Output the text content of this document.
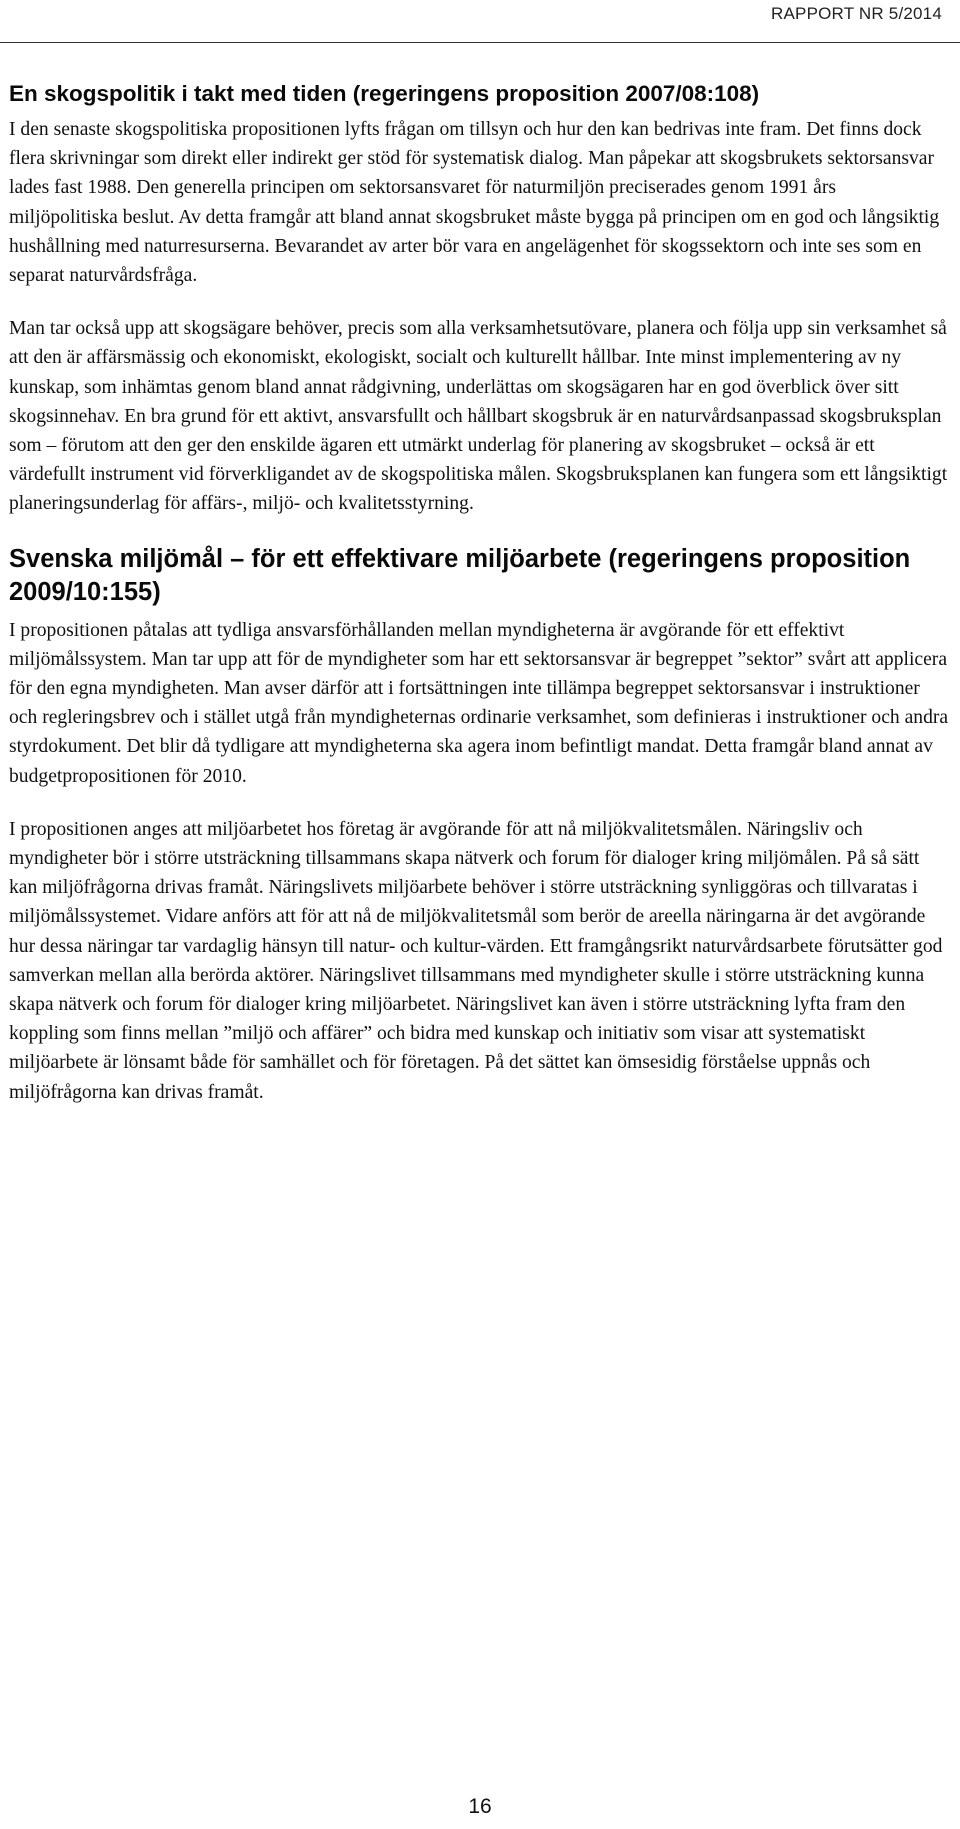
RAPPORT NR 5/2014
En skogspolitik i takt med tiden (regeringens proposition 2007/08:108)

I den senaste skogspolitiska propositionen lyfts frågan om tillsyn och hur den kan bedrivas inte fram. Det finns dock flera skrivningar som direkt eller indirekt ger stöd för systematisk dialog. Man påpekar att skogsbrukets sektorsansvar lades fast 1988. Den generella principen om sektorsansvaret för naturmiljön preciserades genom 1991 års miljöpolitiska beslut. Av detta framgår att bland annat skogsbruket måste bygga på principen om en god och långsiktig hushållning med naturresurserna. Bevarandet av arter bör vara en angelägenhet för skogssektorn och inte ses som en separat naturvårdsfråga.

Man tar också upp att skogsägare behöver, precis som alla verksamhetsutövare, planera och följa upp sin verksamhet så att den är affärsmässig och ekonomiskt, ekologiskt, socialt och kulturellt hållbar. Inte minst implementering av ny kunskap, som inhämtas genom bland annat rådgivning, underlättas om skogsägaren har en god överblick över sitt skogsinnehav. En bra grund för ett aktivt, ansvarsfullt och hållbart skogsbruk är en naturvårdsanpassad skogsbruksplan som – förutom att den ger den enskilde ägaren ett utmärkt underlag för planering av skogsbruket – också är ett värdefullt instrument vid förverkligandet av de skogspolitiska målen. Skogsbruksplanen kan fungera som ett långsiktigt planeringsunderlag för affärs-, miljö- och kvalitetsstyrning.

Svenska miljömål – för ett effektivare miljöarbete (regeringens proposition 2009/10:155)

I propositionen påtalas att tydliga ansvarsförhållanden mellan myndigheterna är avgörande för ett effektivt miljömålssystem. Man tar upp att för de myndigheter som har ett sektorsansvar är begreppet ”sektor” svårt att applicera för den egna myndigheten. Man avser därför att i fortsättningen inte tillämpa begreppet sektorsansvar i instruktioner och regleringsbrev och i stället utgå från myndigheternas ordinarie verksamhet, som definieras i instruktioner och andra styrdokument. Det blir då tydligare att myndigheterna ska agera inom befintligt mandat. Detta framgår bland annat av budgetpropositionen för 2010.

I propositionen anges att miljöarbetet hos företag är avgörande för att nå miljökvalitetsmålen. Näringsliv och myndigheter bör i större utsträckning tillsammans skapa nätverk och forum för dialoger kring miljömålen. På så sätt kan miljöfrågorna drivas framåt. Näringslivets miljöarbete behöver i större utsträckning synliggöras och tillvaratas i miljömålssystemet. Vidare anförs att för att nå de miljökvalitetsmål som berör de areella näringarna är det avgörande hur dessa näringar tar vardaglig hänsyn till natur- och kultur-värden. Ett framgångsrikt naturvårdsarbete förutsätter god samverkan mellan alla berörda aktörer. Näringslivet tillsammans med myndigheter skulle i större utsträckning kunna skapa nätverk och forum för dialoger kring miljöarbetet. Näringslivet kan även i större utsträckning lyfta fram den koppling som finns mellan ”miljö och affärer” och bidra med kunskap och initiativ som visar att systematiskt miljöarbete är lönsamt både för samhället och för företagen. På det sättet kan ömsesidig förståelse uppnås och miljöfrågorna kan drivas framåt.

16
